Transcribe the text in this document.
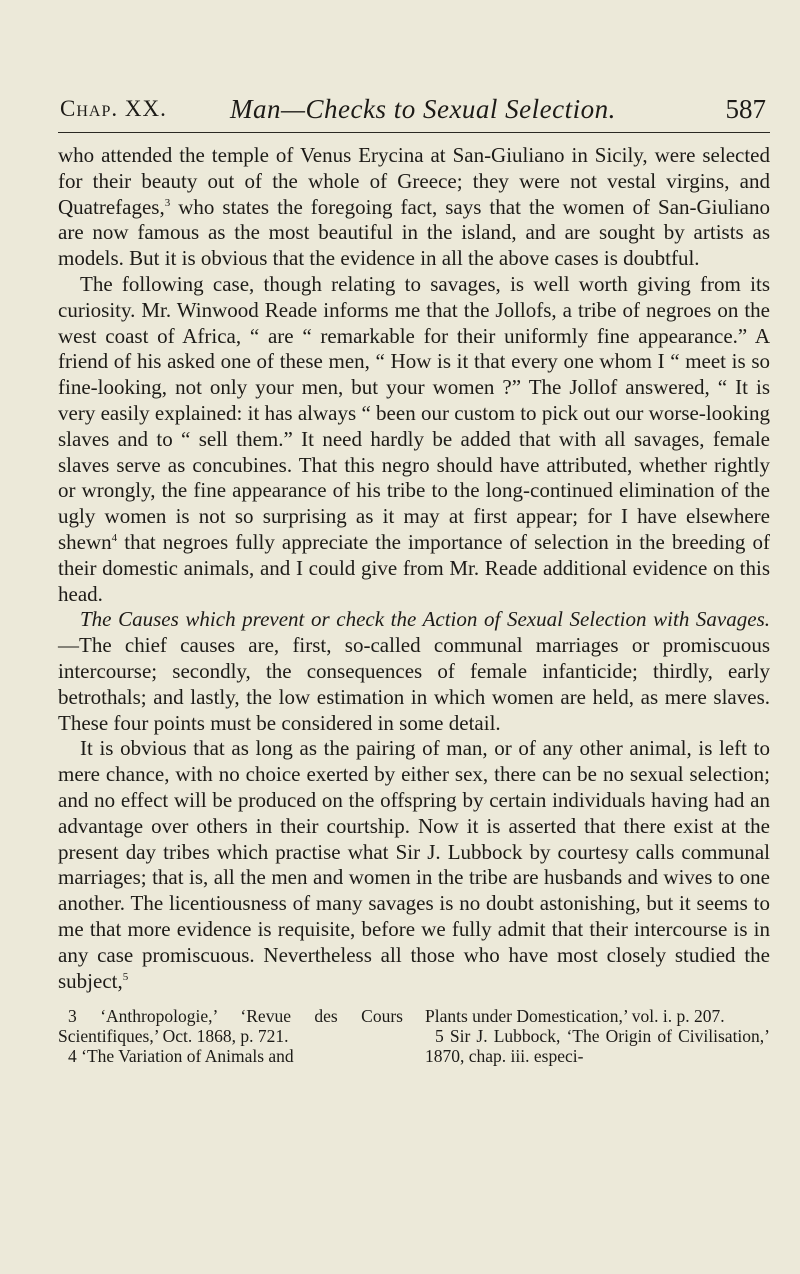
Chap. XX. Man—Checks to Sexual Selection.	587

who attended the temple of Venus Erycina at San-Giuliano in Sicily, were selected for their beauty out of the whole of Greece; they were not vestal virgins, and Quatrefages,$^3$ who states the foregoing fact, says that the women of San-Giuliano are now famous as the most beautiful in the island, and are sought by artists as models. But it is obvious that the evidence in all the above cases is doubtful.

The following case, though relating to savages, is well worth giving from its curiosity. Mr. Winwood Reade informs me that the Jollofs, a tribe of negroes on the west coast of Africa, “ are “ remarkable for their uniformly fine appearance.” A friend of his asked one of these men, “ How is it that every one whom I “ meet is so fine-looking, not only your men, but your women ?” The Jollof answered, “ It is very easily explained: it has always “ been our custom to pick out our worse-looking slaves and to “ sell them.” It need hardly be added that with all savages, female slaves serve as concubines. That this negro should have attributed, whether rightly or wrongly, the fine appearance of his tribe to the long-continued elimination of the ugly women is not so surprising as it may at first appear; for I have elsewhere shewn$^4$ that negroes fully appreciate the importance of selection in the breeding of their domestic animals, and I could give from Mr. Reade additional evidence on this head.

The Causes which prevent or check the Action of Sexual Selection with Savages.—The chief causes are, first, so-called communal marriages or promiscuous intercourse; secondly, the consequences of female infanticide; thirdly, early betrothals; and lastly, the low estimation in which women are held, as mere slaves. These four points must be considered in some detail.

It is obvious that as long as the pairing of man, or of any other animal, is left to mere chance, with no choice exerted by either sex, there can be no sexual selection; and no effect will be produced on the offspring by certain individuals having had an advantage over others in their courtship. Now it is asserted that there exist at the present day tribes which practise what Sir J. Lubbock by courtesy calls communal marriages; that is, all the men and women in the tribe are husbands and wives to one another. The licentiousness of many savages is no doubt astonishing, but it seems to me that more evidence is requisite, before we fully admit that their intercourse is in any case promiscuous. Nevertheless all those who have most closely studied the subject,$^5$

3 ‘Anthropologie,’ ‘Revue des Cours Scientifiques,’ Oct. 1868, p. 721.

4 ‘The Variation of Animals and

Plants under Domestication,’ vol. i. p. 207.

5 Sir J. Lubbock, ‘The Origin of Civilisation,’ 1870, chap. iii. especi-
